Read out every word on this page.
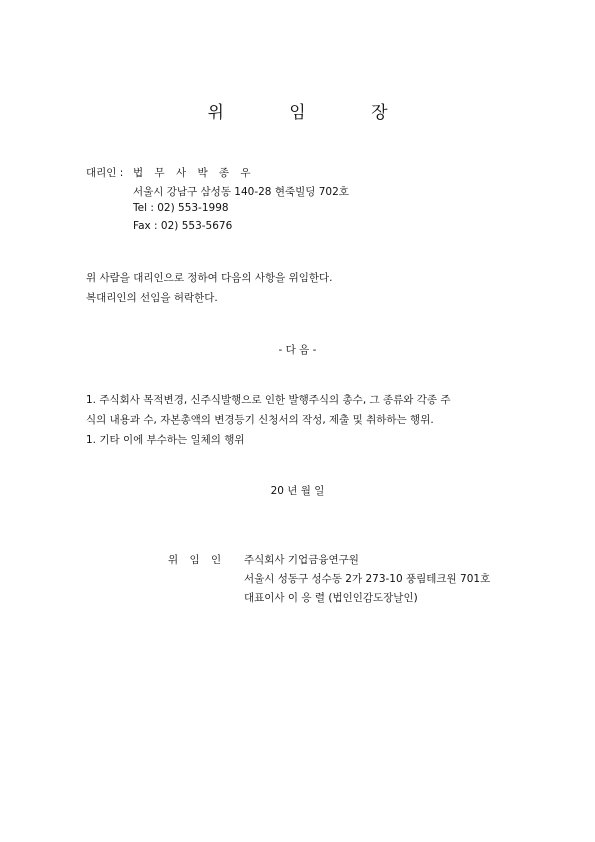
위 임 장
대리인 : 법 무 사 박 종 우
서울시 강남구 삼성동 140-28 현죽빌딩 702호
Tel : 02) 553-1998
Fax : 02) 553-5676
위 사람을 대리인으로 정하여 다음의 사항을 위임한다.
복대리인의 선임을 허락한다.
- 다 음 -
1. 주식회사 목적변경, 신주식발행으로 인한 발행주식의 총수, 그 종류와 각종 주
식의 내용과 수, 자본총액의 변경등기 신청서의 작성, 제출 및 취하하는 행위.
1. 기타 이에 부수하는 일체의 행위
20 년 월 일
위 임 인 주식회사 기업금융연구원
서울시 성동구 성수동 2가 273-10 풍림테크원 701호
대표이사 이 응 렬 (법인인감도장날인)
